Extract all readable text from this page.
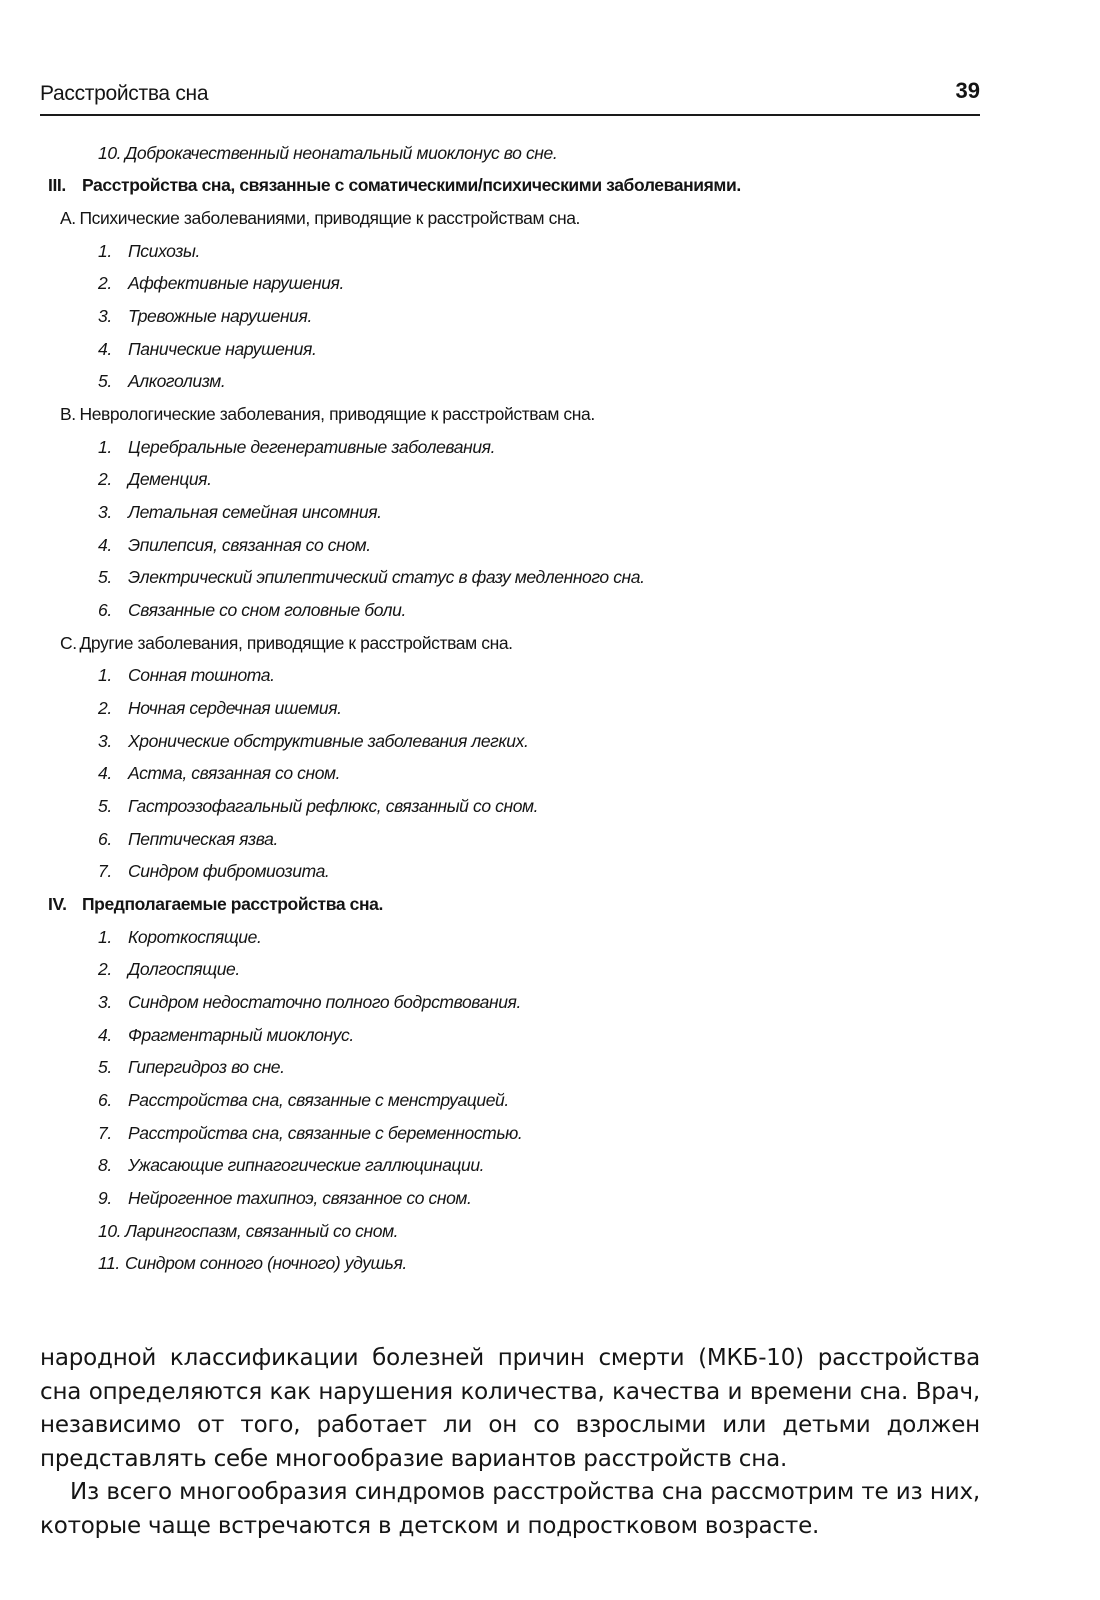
Расстройства сна	39
10. Доброкачественный неонатальный миоклонус во сне.
III. Расстройства сна, связанные с соматическими/психическими заболеваниями.
A. Психические заболеваниями, приводящие к расстройствам сна.
1. Психозы.
2. Аффективные нарушения.
3. Тревожные нарушения.
4. Панические нарушения.
5. Алкоголизм.
B. Неврологические заболевания, приводящие к расстройствам сна.
1. Церебральные дегенеративные заболевания.
2. Деменция.
3. Летальная семейная инсомния.
4. Эпилепсия, связанная со сном.
5. Электрический эпилептический статус в фазу медленного сна.
6. Связанные со сном головные боли.
C. Другие заболевания, приводящие к расстройствам сна.
1. Сонная тошнота.
2. Ночная сердечная ишемия.
3. Хронические обструктивные заболевания легких.
4. Астма, связанная со сном.
5. Гастроэзофагальный рефлюкс, связанный со сном.
6. Пептическая язва.
7. Синдром фибромиозита.
IV. Предполагаемые расстройства сна.
1. Короткоспящие.
2. Долгоспящие.
3. Синдром недостаточно полного бодрствования.
4. Фрагментарный миоклонус.
5. Гипергидроз во сне.
6. Расстройства сна, связанные с менструацией.
7. Расстройства сна, связанные с беременностью.
8. Ужасающие гипнагогические галлюцинации.
9. Нейрогенное тахипноэ, связанное со сном.
10. Ларингоспазм, связанный со сном.
11. Синдром сонного (ночного) удушья.

народной классификации болезней причин смерти (МКБ-10) расстройства сна определяются как нарушения количества, качества и времени сна. Врач, независимо от того, работает ли он со взрослыми или детьми должен представлять себе многообразие вариантов расстройств сна.

Из всего многообразия синдромов расстройства сна рассмотрим те из них, которые чаще встречаются в детском и подростковом возрасте.
